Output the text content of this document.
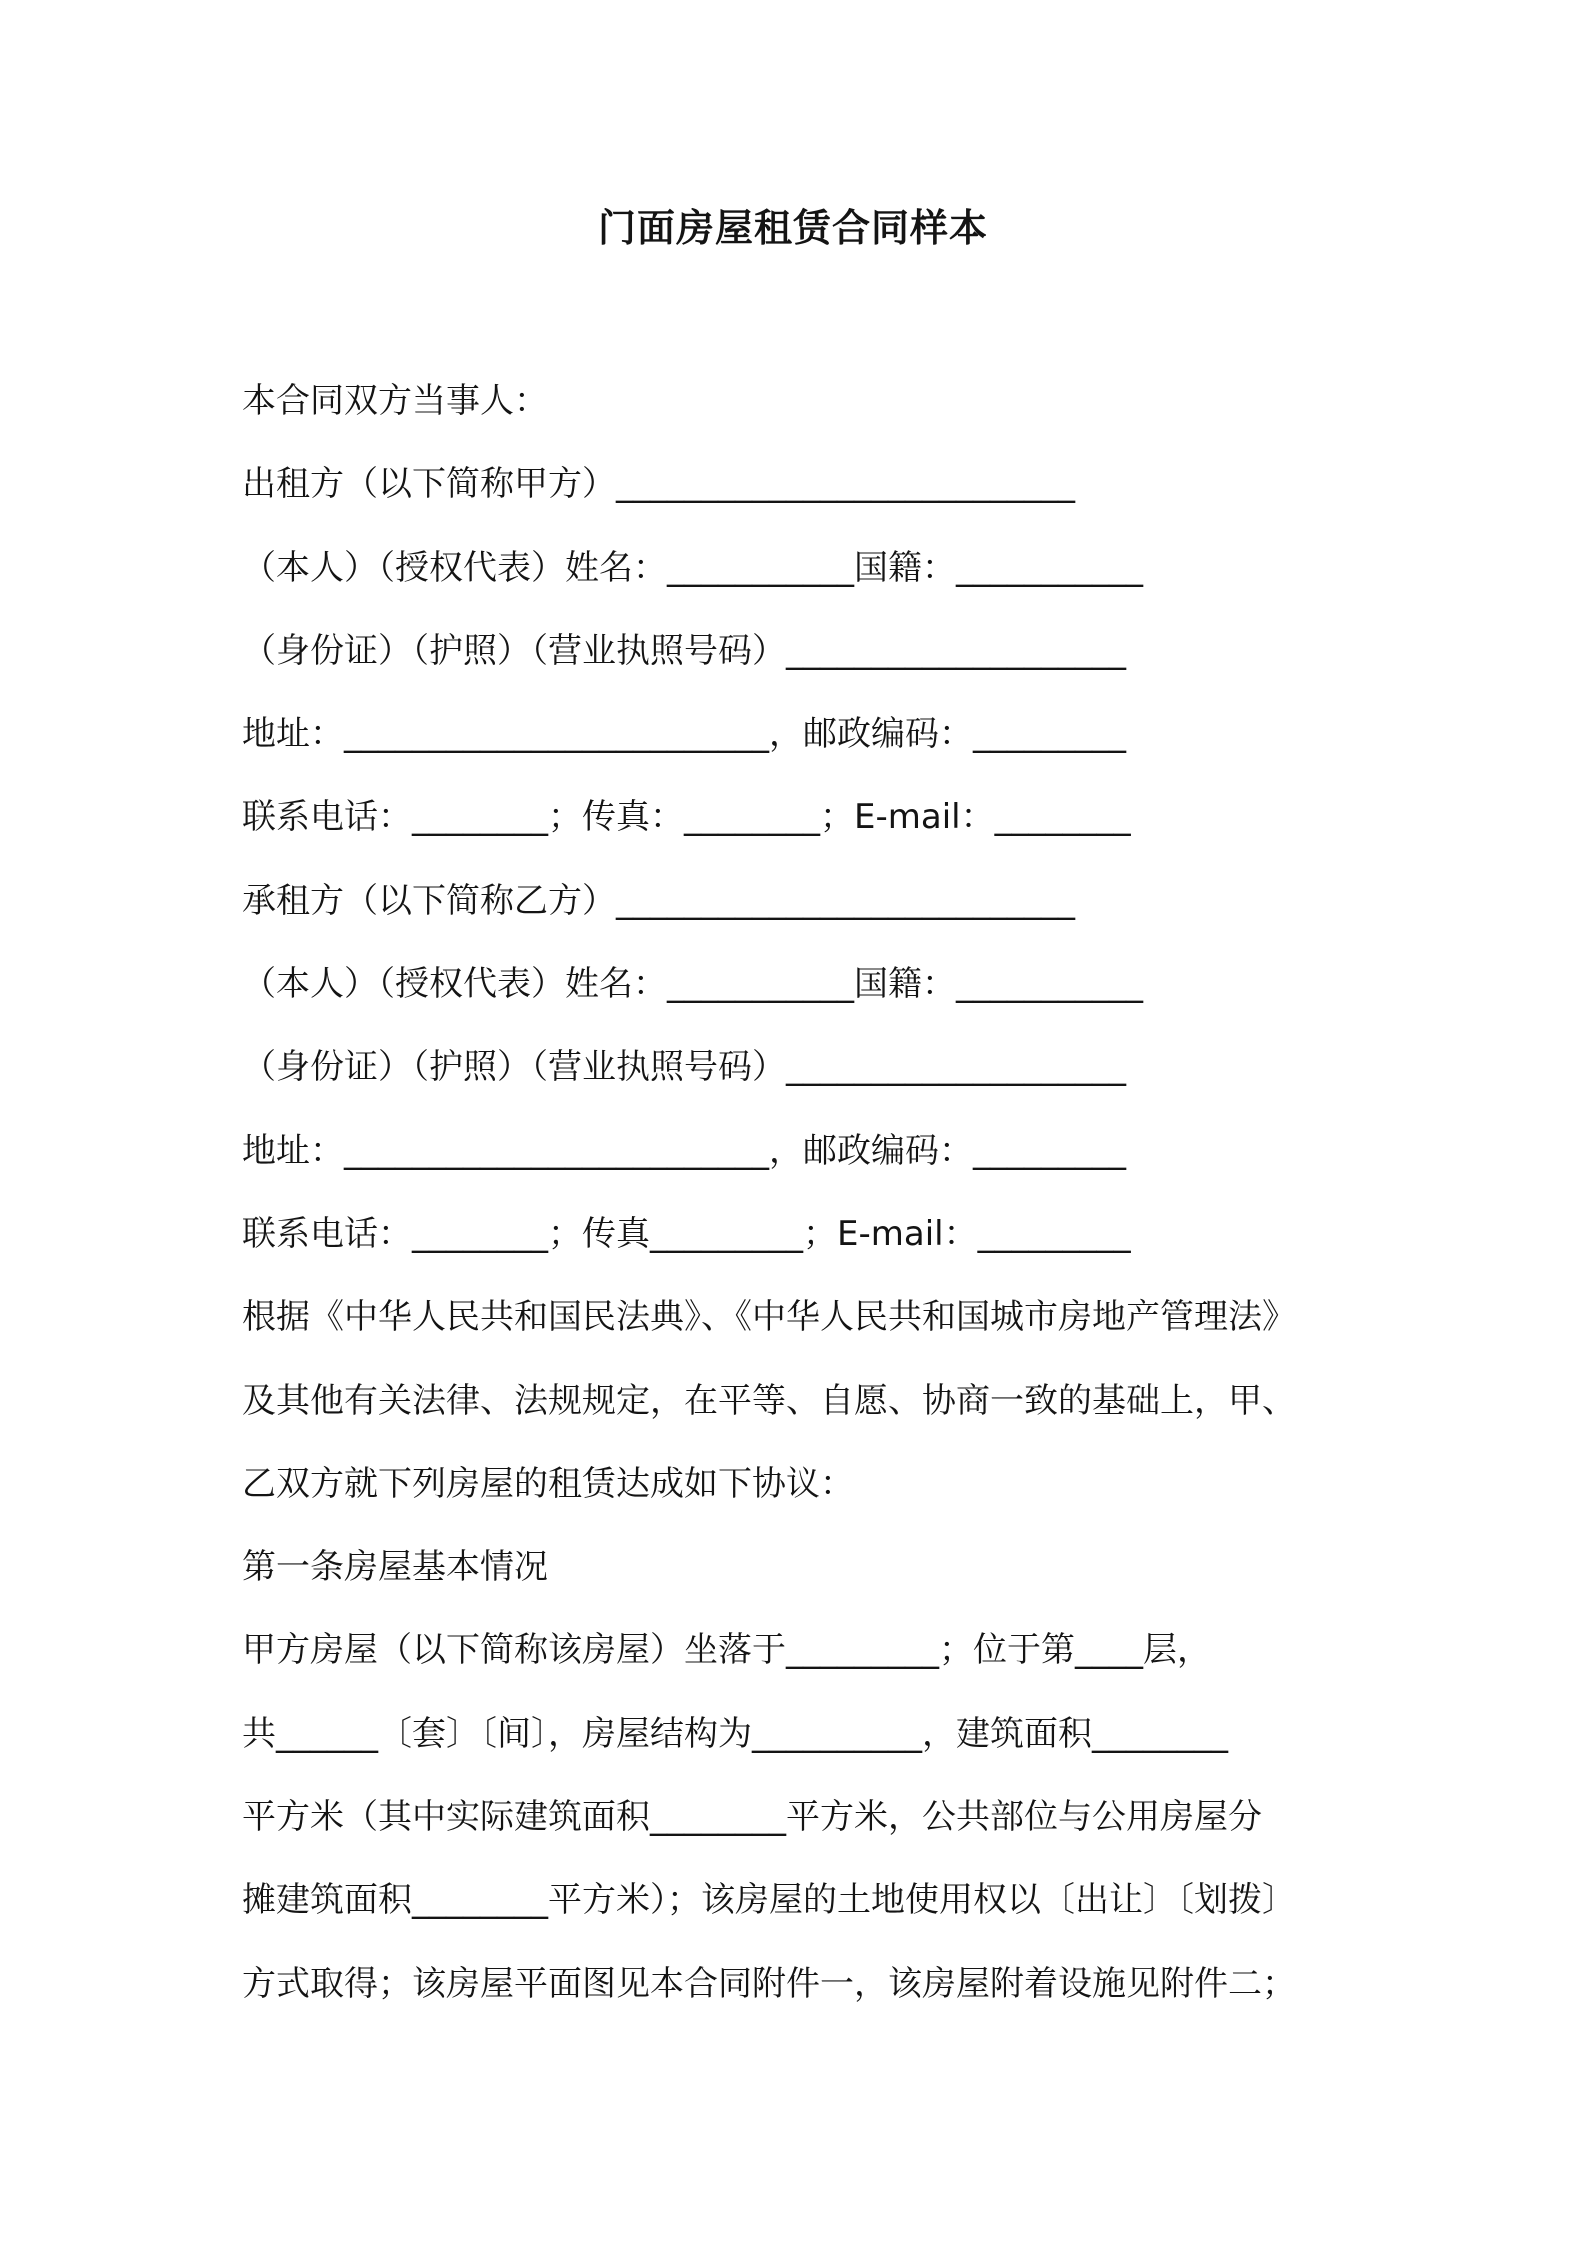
门面房屋租赁合同样本

本合同双方当事人：

出租方（以下简称甲方）___________________________

（本人）（授权代表）姓名：___________国籍：___________

（身份证）（护照）（营业执照号码）____________________

地址：_________________________，邮政编码：_________

联系电话：________；传真：________；E-mail：________

承租方（以下简称乙方）___________________________

（本人）（授权代表）姓名：___________国籍：___________

（身份证）（护照）（营业执照号码）____________________

地址：_________________________，邮政编码：_________

联系电话：________；传真_________；E-mail：_________

根据《中华人民共和国民法典》、《中华人民共和国城市房地产管理法》

及其他有关法律、法规规定，在平等、自愿、协商一致的基础上，甲、

乙双方就下列房屋的租赁达成如下协议：

第一条房屋基本情况

甲方房屋（以下简称该房屋）坐落于_________；位于第____层，

共______〔套〕〔间〕，房屋结构为__________，建筑面积________

平方米（其中实际建筑面积________平方米，公共部位与公用房屋分

摊建筑面积________平方米）；该房屋的土地使用权以〔出让〕〔划拨〕

方式取得；该房屋平面图见本合同附件一，该房屋附着设施见附件二；
